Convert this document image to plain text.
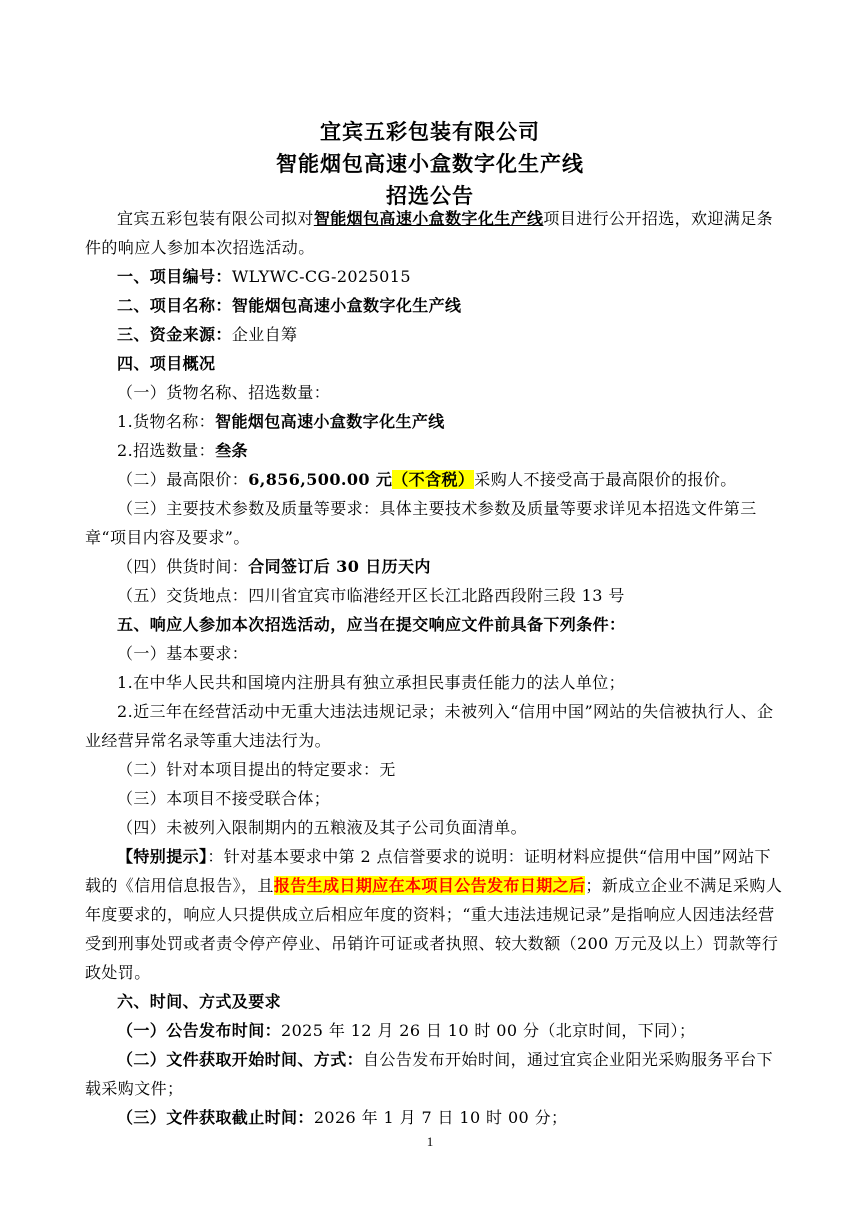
宜宾五彩包装有限公司
智能烟包高速小盒数字化生产线
招选公告

宜宾五彩包装有限公司拟对智能烟包高速小盒数字化生产线项目进行公开招选，欢迎满足条件的响应人参加本次招选活动。

一、项目编号：WLYWC-CG-2025015

二、项目名称：智能烟包高速小盒数字化生产线

三、资金来源：企业自筹

四、项目概况

（一）货物名称、招选数量：

1.货物名称：智能烟包高速小盒数字化生产线

2.招选数量：叁条

（二）最高限价：6,856,500.00 元（不含税）采购人不接受高于最高限价的报价。

（三）主要技术参数及质量等要求：具体主要技术参数及质量等要求详见本招选文件第三章“项目内容及要求”。

（四）供货时间：合同签订后 30 日历天内

（五）交货地点：四川省宜宾市临港经开区长江北路西段附三段 13 号

五、响应人参加本次招选活动，应当在提交响应文件前具备下列条件：

（一）基本要求：

1.在中华人民共和国境内注册具有独立承担民事责任能力的法人单位；

2.近三年在经营活动中无重大违法违规记录；未被列入“信用中国”网站的失信被执行人、企业经营异常名录等重大违法行为。

（二）针对本项目提出的特定要求：无

（三）本项目不接受联合体；

（四）未被列入限制期内的五粮液及其子公司负面清单。

【特别提示】：针对基本要求中第 2 点信誉要求的说明：证明材料应提供“信用中国”网站下载的《信用信息报告》，且报告生成日期应在本项目公告发布日期之后；新成立企业不满足采购人年度要求的，响应人只提供成立后相应年度的资料；“重大违法违规记录”是指响应人因违法经营受到刑事处罚或者责令停产停业、吊销许可证或者执照、较大数额（200 万元及以上）罚款等行政处罚。

六、时间、方式及要求

（一）公告发布时间：2025 年 12 月 26 日 10 时 00 分（北京时间，下同）；

（二）文件获取开始时间、方式：自公告发布开始时间，通过宜宾企业阳光采购服务平台下载采购文件；

（三）文件获取截止时间：2026 年 1 月 7 日 10 时 00 分；

1
